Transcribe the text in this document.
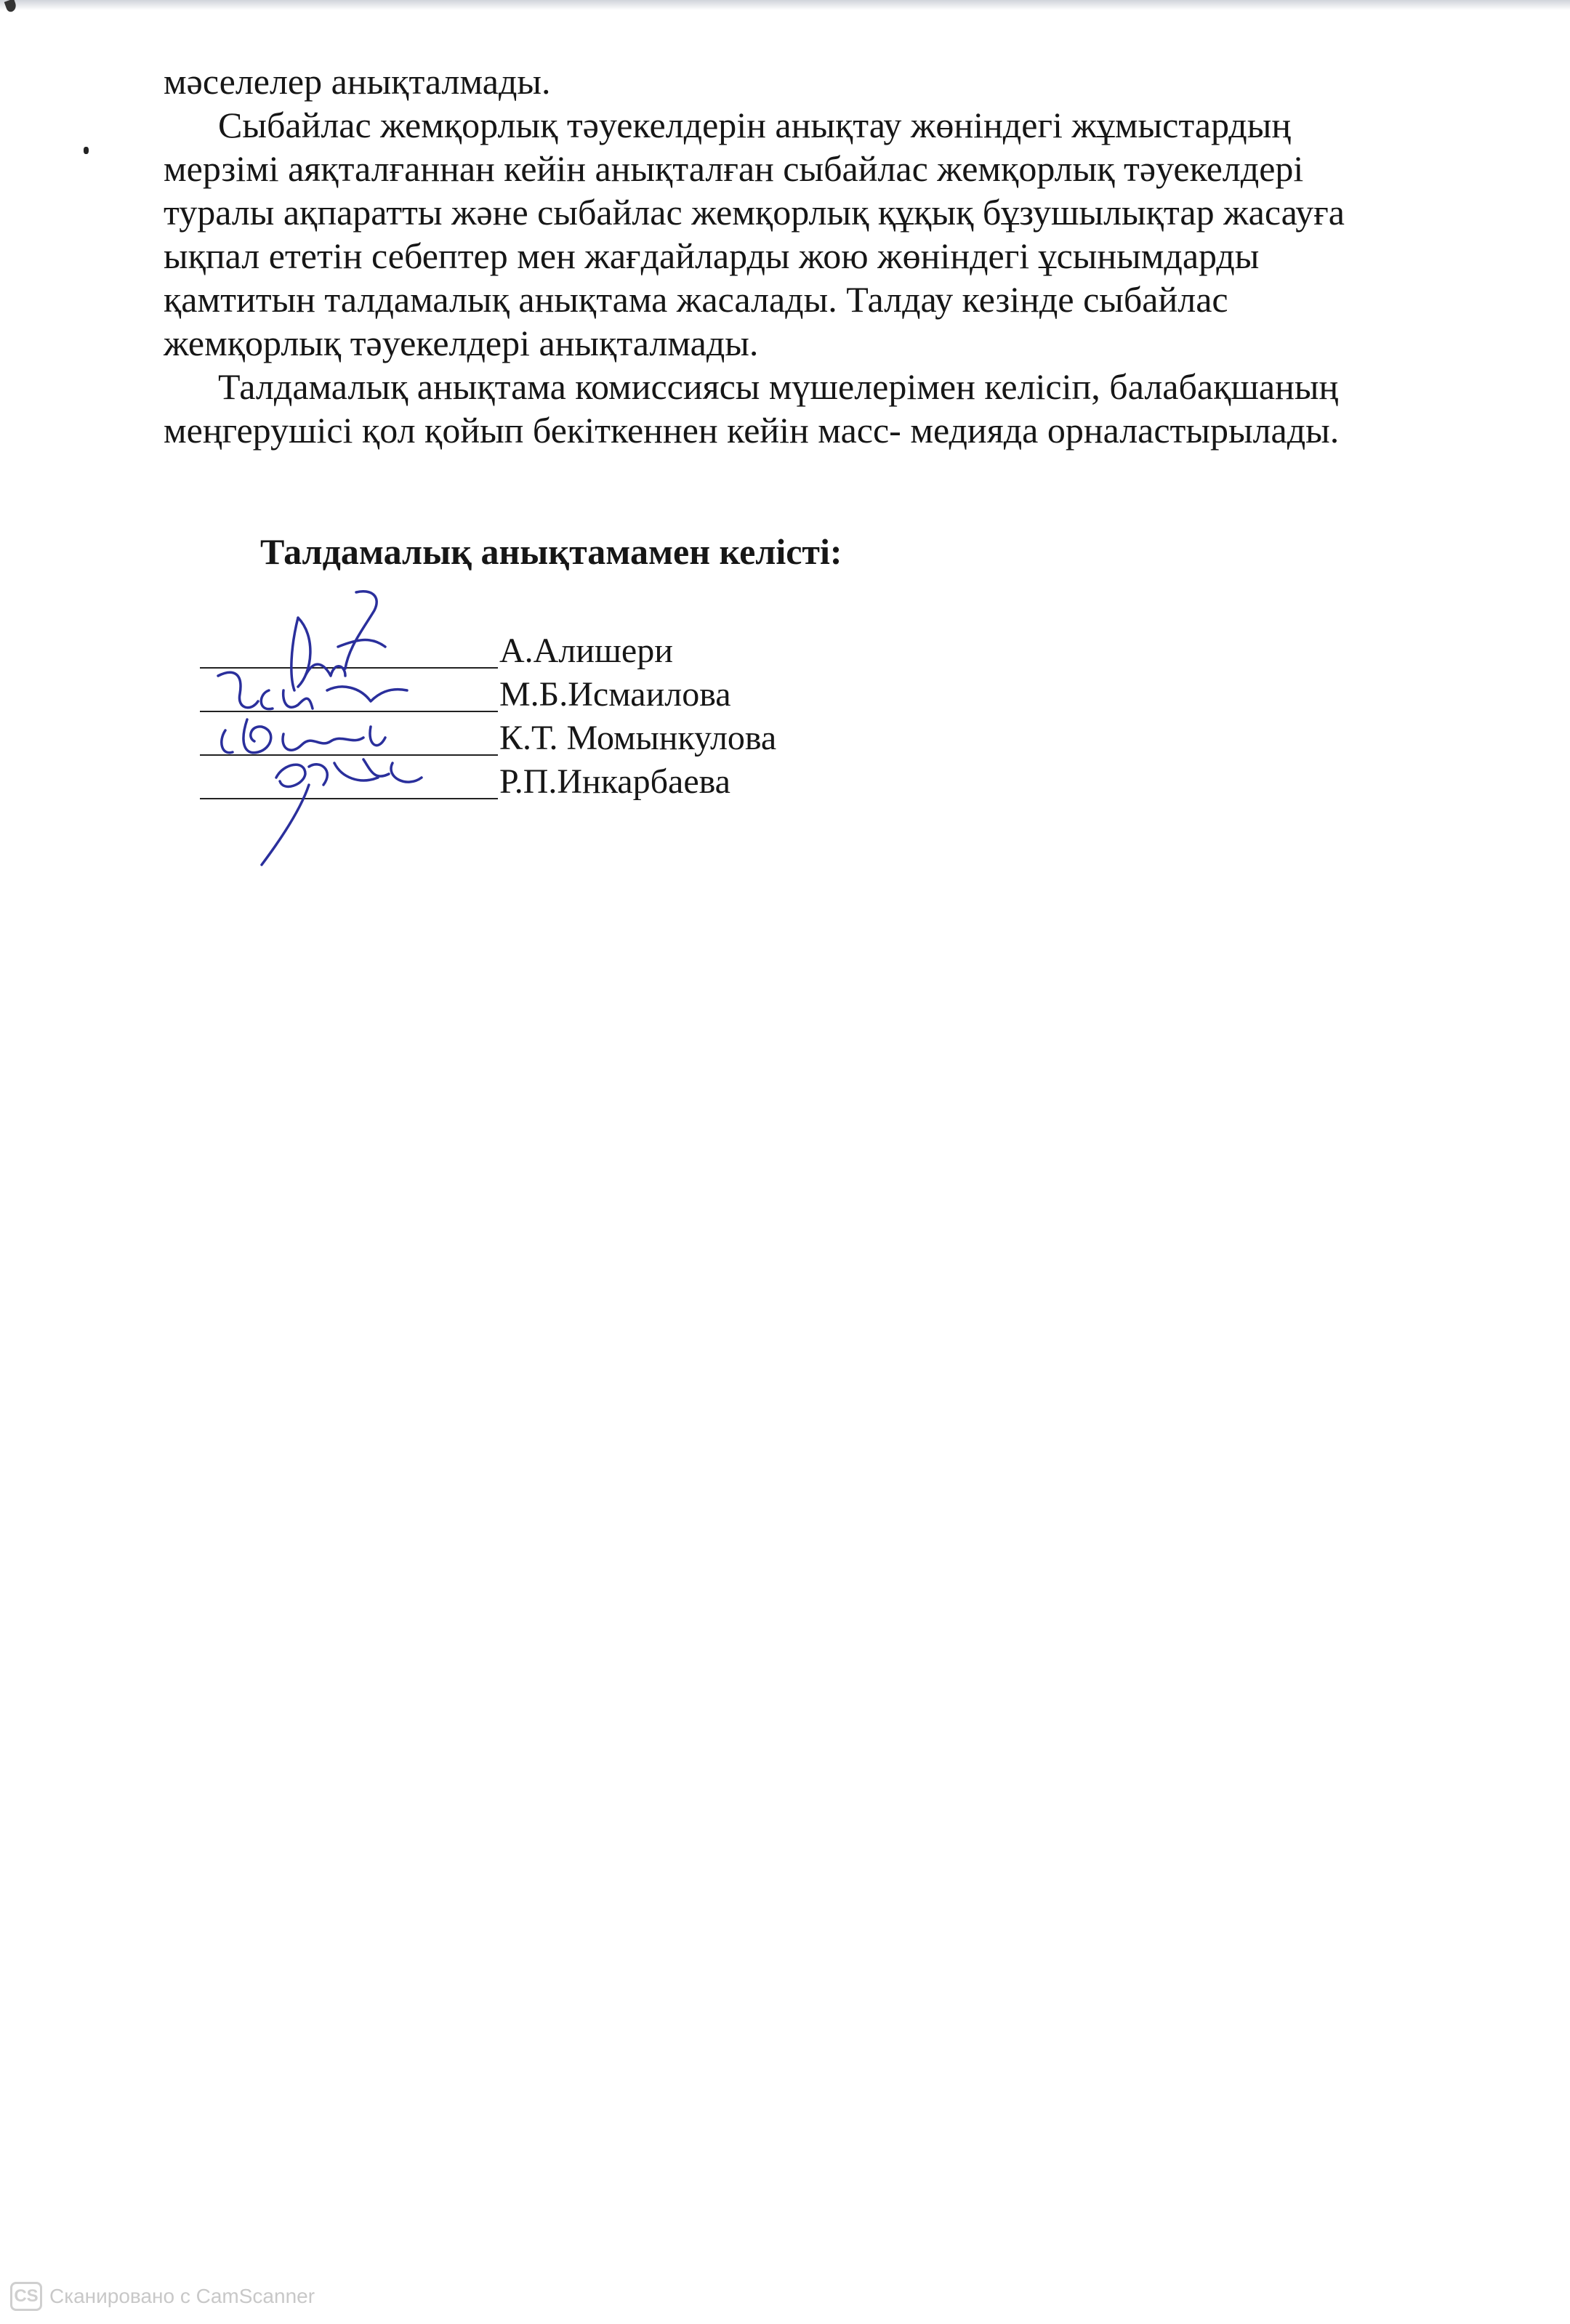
мәселелер анықталмады.

Сыбайлас жемқорлық тәуекелдерін анықтау жөніндегі жұмыстардың
мерзімі аяқталғаннан кейін анықталған сыбайлас жемқорлық тәуекелдері
туралы ақпаратты және сыбайлас жемқорлық құқық бұзушылықтар жасауға
ықпал ететін себептер мен жағдайларды жою жөніндегі ұсынымдарды
қамтитын талдамалық анықтама жасалады. Талдау кезінде сыбайлас
жемқорлық тәуекелдері анықталмады.

Талдамалық анықтама комиссиясы мүшелерімен келісіп, балабақшаның
меңгерушісі қол қойып бекіткеннен кейін масс- медияда орналастырылады.

Талдамалық анықтамамен келісті:
А.Алишери
М.Б.Исмаилова
К.Т. Момынкулова
Р.П.Инкарбаева
CS Сканировано с CamScanner
